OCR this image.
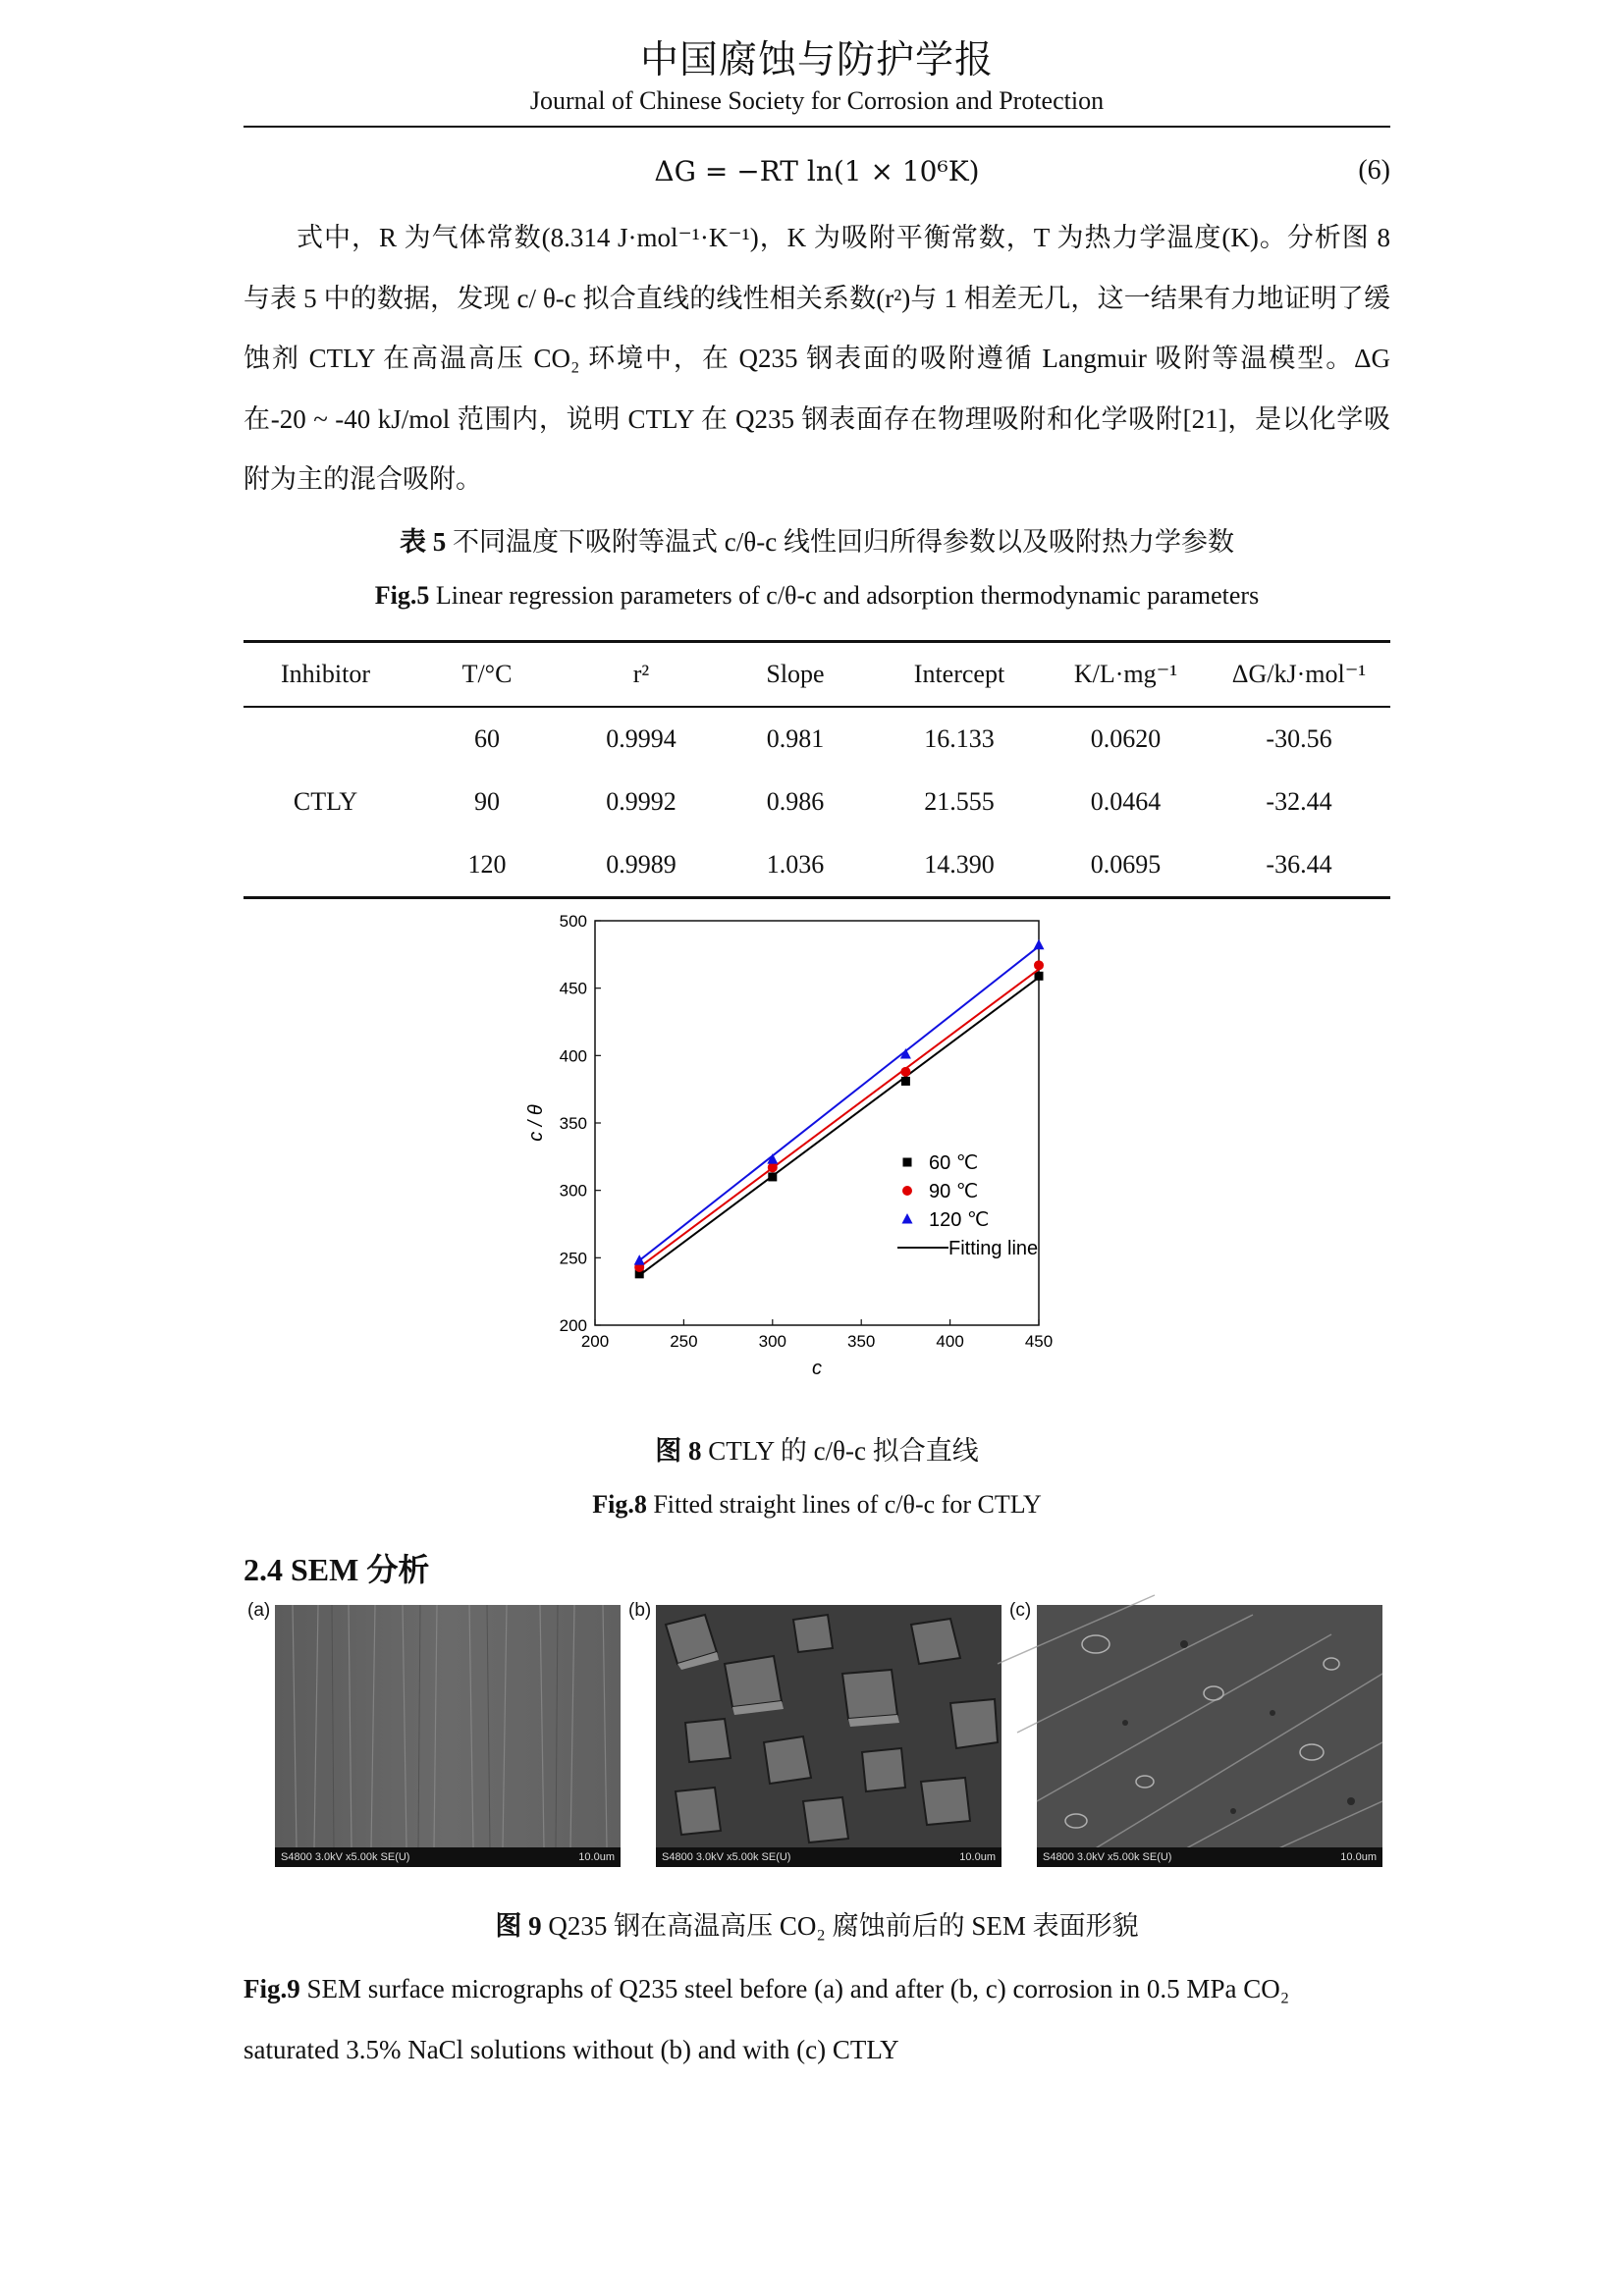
中国腐蚀与防护学报
Journal of Chinese Society for Corrosion and Protection
ΔG = −RT ln(1 × 10⁶K)	(6)
式中，R 为气体常数(8.314 J·mol⁻¹·K⁻¹)，K 为吸附平衡常数，T 为热力学温度(K)。分析图 8 与表 5 中的数据，发现 c/ θ-c 拟合直线的线性相关系数(r²)与 1 相差无几，这一结果有力地证明了缓蚀剂 CTLY 在高温高压 CO₂ 环境中，在 Q235 钢表面的吸附遵循 Langmuir 吸附等温模型。ΔG 在-20 ~ -40 kJ/mol 范围内，说明 CTLY 在 Q235 钢表面存在物理吸附和化学吸附[21]，是以化学吸附为主的混合吸附。
表 5 不同温度下吸附等温式 c/θ-c 线性回归所得参数以及吸附热力学参数
Fig.5 Linear regression parameters of c/θ-c and adsorption thermodynamic parameters
Inhibitor	T/°C	r²	Slope	Intercept	K/L·mg⁻¹	ΔG/kJ·mol⁻¹
CTLY	60	0.9994	0.981	16.133	0.0620	-30.56
	90	0.9992	0.986	21.555	0.0464	-32.44
	120	0.9989	1.036	14.390	0.0695	-36.44
200	250	300	350	400	450
200
250
300
350
400
450
500
c
c / θ
60 ℃
90 ℃
120 ℃
Fitting line
图 8 CTLY 的 c/θ-c 拟合直线
Fig.8 Fitted straight lines of c/θ-c for CTLY
2.4 SEM 分析
(a)
S4800 3.0kV x5.00k SE(U)	10.0um
(b)
S4800 3.0kV x5.00k SE(U)	10.0um
(c)
S4800 3.0kV x5.00k SE(U)	10.0um
图 9 Q235 钢在高温高压 CO₂ 腐蚀前后的 SEM 表面形貌
Fig.9 SEM surface micrographs of Q235 steel before (a) and after (b, c) corrosion in 0.5 MPa CO₂ saturated 3.5% NaCl solutions without (b) and with (c) CTLY
